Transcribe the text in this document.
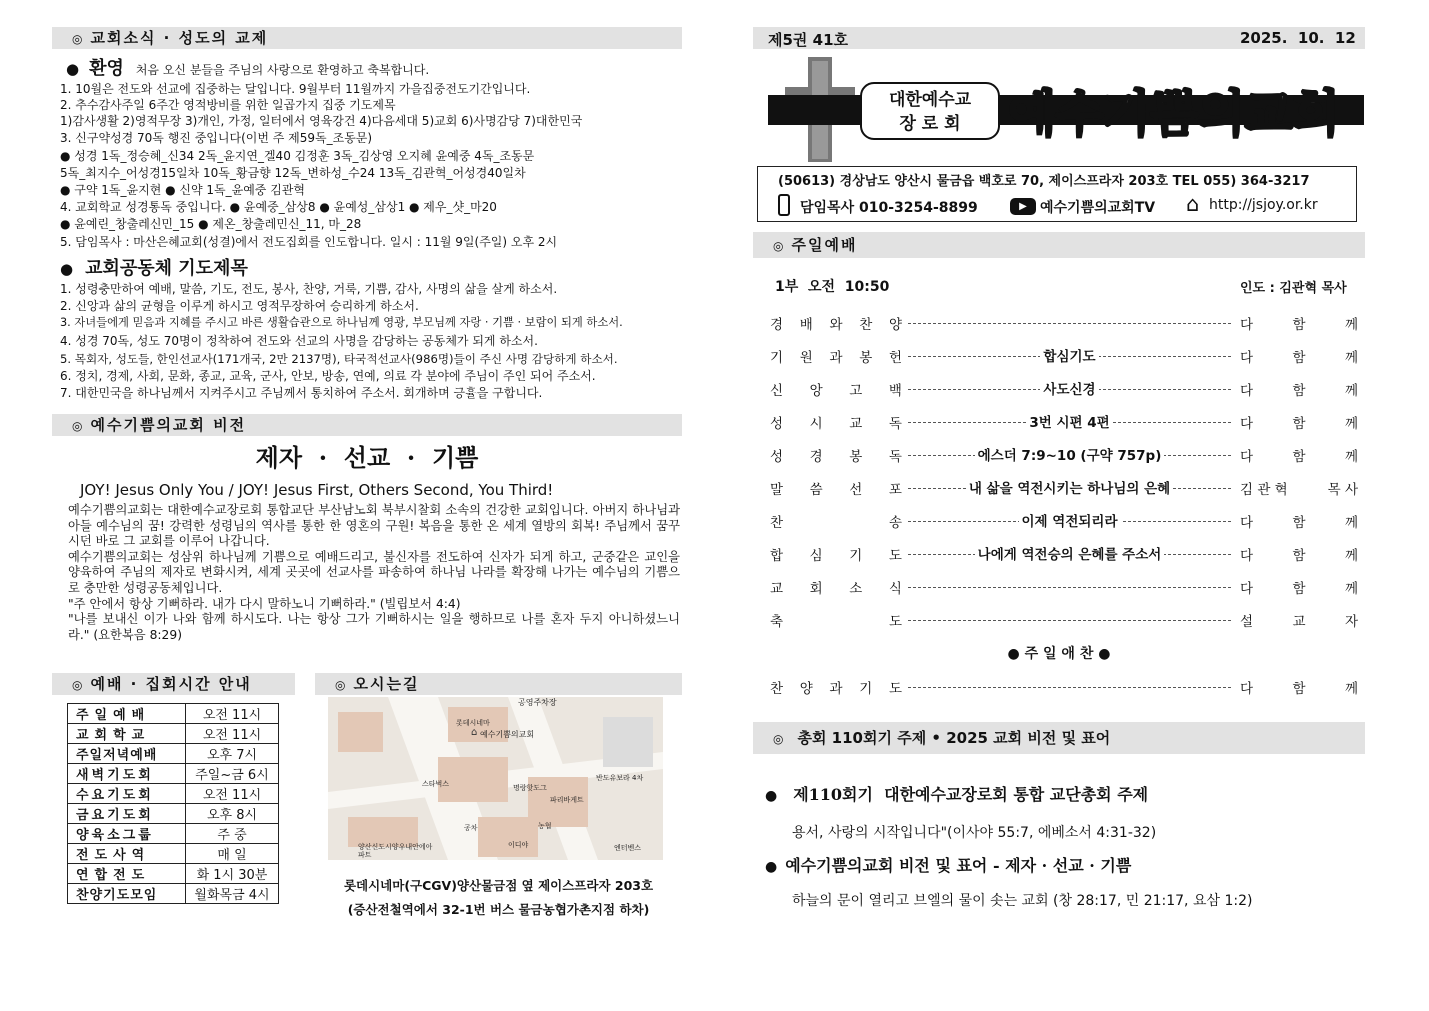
◎ 교회소식 · 성도의 교제
● 환영 처음 오신 분들을 주님의 사랑으로 환영하고 축복합니다.
1. 10월은 전도와 선교에 집중하는 달입니다. 9월부터 11월까지 가을집중전도기간입니다.
2. 추수감사주일 6주간 영적방비를 위한 일곱가지 집중 기도제목
1)감사생활 2)영적무장 3)개인, 가정, 일터에서 영육강건 4)다음세대 5)교회 6)사명감당 7)대한민국
3. 신구약성경 70독 행진 중입니다(이번 주 제59독_조동문)
● 성경 1독_정승혜_신34 2독_윤지연_겔40 김정훈 3독_김상영 오지혜 윤예중 4독_조동문
5독_최지수_어성경15일차 10독_황금향 12독_변하성_수24 13독_김관혁_어성경40일차
● 구약 1독_윤지현 ● 신약 1독_윤예중 김관혁
4. 교회학교 성경통독 중입니다. ● 윤예중_삼상8 ● 윤예성_삼상1 ● 제우_샷_마20
● 윤예린_창출레신민_15 ● 제온_창출레민신_11, 마_28
5. 담임목사 : 마산은혜교회(성결)에서 전도집회를 인도합니다. 일시 : 11월 9일(주일) 오후 2시
● 교회공동체 기도제목
1. 성령충만하여 예배, 말씀, 기도, 전도, 봉사, 찬양, 거룩, 기쁨, 감사, 사명의 삶을 살게 하소서.
2. 신앙과 삶의 균형을 이루게 하시고 영적무장하여 승리하게 하소서.
3. 자녀들에게 믿음과 지혜를 주시고 바른 생활습관으로 하나님께 영광, 부모님께 자랑 · 기쁨 · 보람이 되게 하소서.
4. 성경 70독, 성도 70명이 정착하여 전도와 선교의 사명을 감당하는 공동체가 되게 하소서.
5. 목회자, 성도들, 한인선교사(171개국, 2만 2137명), 타국적선교사(986명)들이 주신 사명 감당하게 하소서.
6. 정치, 경제, 사회, 문화, 종교, 교육, 군사, 안보, 방송, 연예, 의료 각 분야에 주님이 주인 되어 주소서.
7. 대한민국을 하나님께서 지켜주시고 주님께서 통치하여 주소서. 회개하며 긍휼을 구합니다.
◎ 예수기쁨의교회 비전
제자  ·  선교  ·  기쁨
JOY! Jesus Only You / JOY! Jesus First, Others Second, You Third!

예수기쁨의교회는 대한예수교장로회 통합교단 부산남노회 북부시찰회 소속의 건강한 교회입니다. 아버지 하나님과 아들 예수님의 꿈! 강력한 성령님의 역사를 통한 한 영혼의 구원! 복음을 통한 온 세계 열방의 회복! 주님께서 꿈꾸시던 바로 그 교회를 이루어 나갑니다.

예수기쁨의교회는 성삼위 하나님께 기쁨으로 예배드리고, 불신자를 전도하여 신자가 되게 하고, 군중같은 교인을 양육하여 주님의 제자로 변화시켜, 세계 곳곳에 선교사를 파송하여 하나님 나라를 확장해 나가는 예수님의 기쁨으로 충만한 성령공동체입니다.

"주 안에서 항상 기뻐하라. 내가 다시 말하노니 기뻐하라." (빌립보서 4:4)

"나를 보내신 이가 나와 함께 하시도다. 나는 항상 그가 기뻐하시는 일을 행하므로 나를 혼자 두지 아니하셨느니라." (요한복음 8:29)

◎ 예배 · 집회시간 안내
주일예배	오전 11시
교회학교	오전 11시
주일저녁예배	오후 7시
새벽기도회	주일~금 6시
수요기도회	오전 11시
금요기도회	오후 8시
양육소그룹	주 중
전도사역	매 일
연합전도	화 1시 30분
찬양기도모임	월화목금 4시
◎ 오시는길
공영주차장
롯데시네마
예수기쁨의교회
스타벅스
반도유보라 4차
명랑핫도그
파리바게트
공차
이디야	엔터벤스
양산신도시양우내안에아파트
농협
⌂
롯데시네마(구CGV)양산물금점 옆 제이스프라자 203호
(증산전철역에서 32-1번 버스 물금농협가촌지점 하차)
제5권 41호	2025.  10.  12
대한예수교
장 로 회 예수기쁨의교회
(50613) 경상남도 양산시 물금읍 백호로 70, 제이스프라자 203호 TEL 055) 364-3217
담임목사 010-3254-8899	▶ 예수기쁨의교회TV ⌂ http://jsjoy.or.kr
◎ 주일예배
1부  오전  10:50	인도 : 김관혁 목사
경 배 와 찬 양	다	함	께
기 원 과 봉 헌	합심기도	다	함	께
신 앙 고 백	사도신경	다	함	께
성 시 교 독	3번 시편 4편	다	함	께
성 경 봉 독	에스더 7:9~10 (구약 757p)	다	함	께
말 씀 선 포	내 삶을 역전시키는 하나님의 은혜	김 관 혁	목 사
찬	송	이제 역전되리라	다	함	께
합 심 기 도	나에게 역전승의 은혜를 주소서	다	함	께
교 회 소 식	다	함	께
축	도	설	교	자
● 주 일 애 찬 ●
찬 양 과 기 도	다	함	께
◎ 총회 110회기 주제 • 2025 교회 비전 및 표어
● 제110회기  대한예수교장로회 통합 교단총회 주제
용서, 사랑의 시작입니다"(이사야 55:7, 에베소서 4:31-32)
● 예수기쁨의교회 비전 및 표어 - 제자 · 선교 · 기쁨
하늘의 문이 열리고 브엘의 물이 솟는 교회 (창 28:17, 민 21:17, 요삼 1:2)
